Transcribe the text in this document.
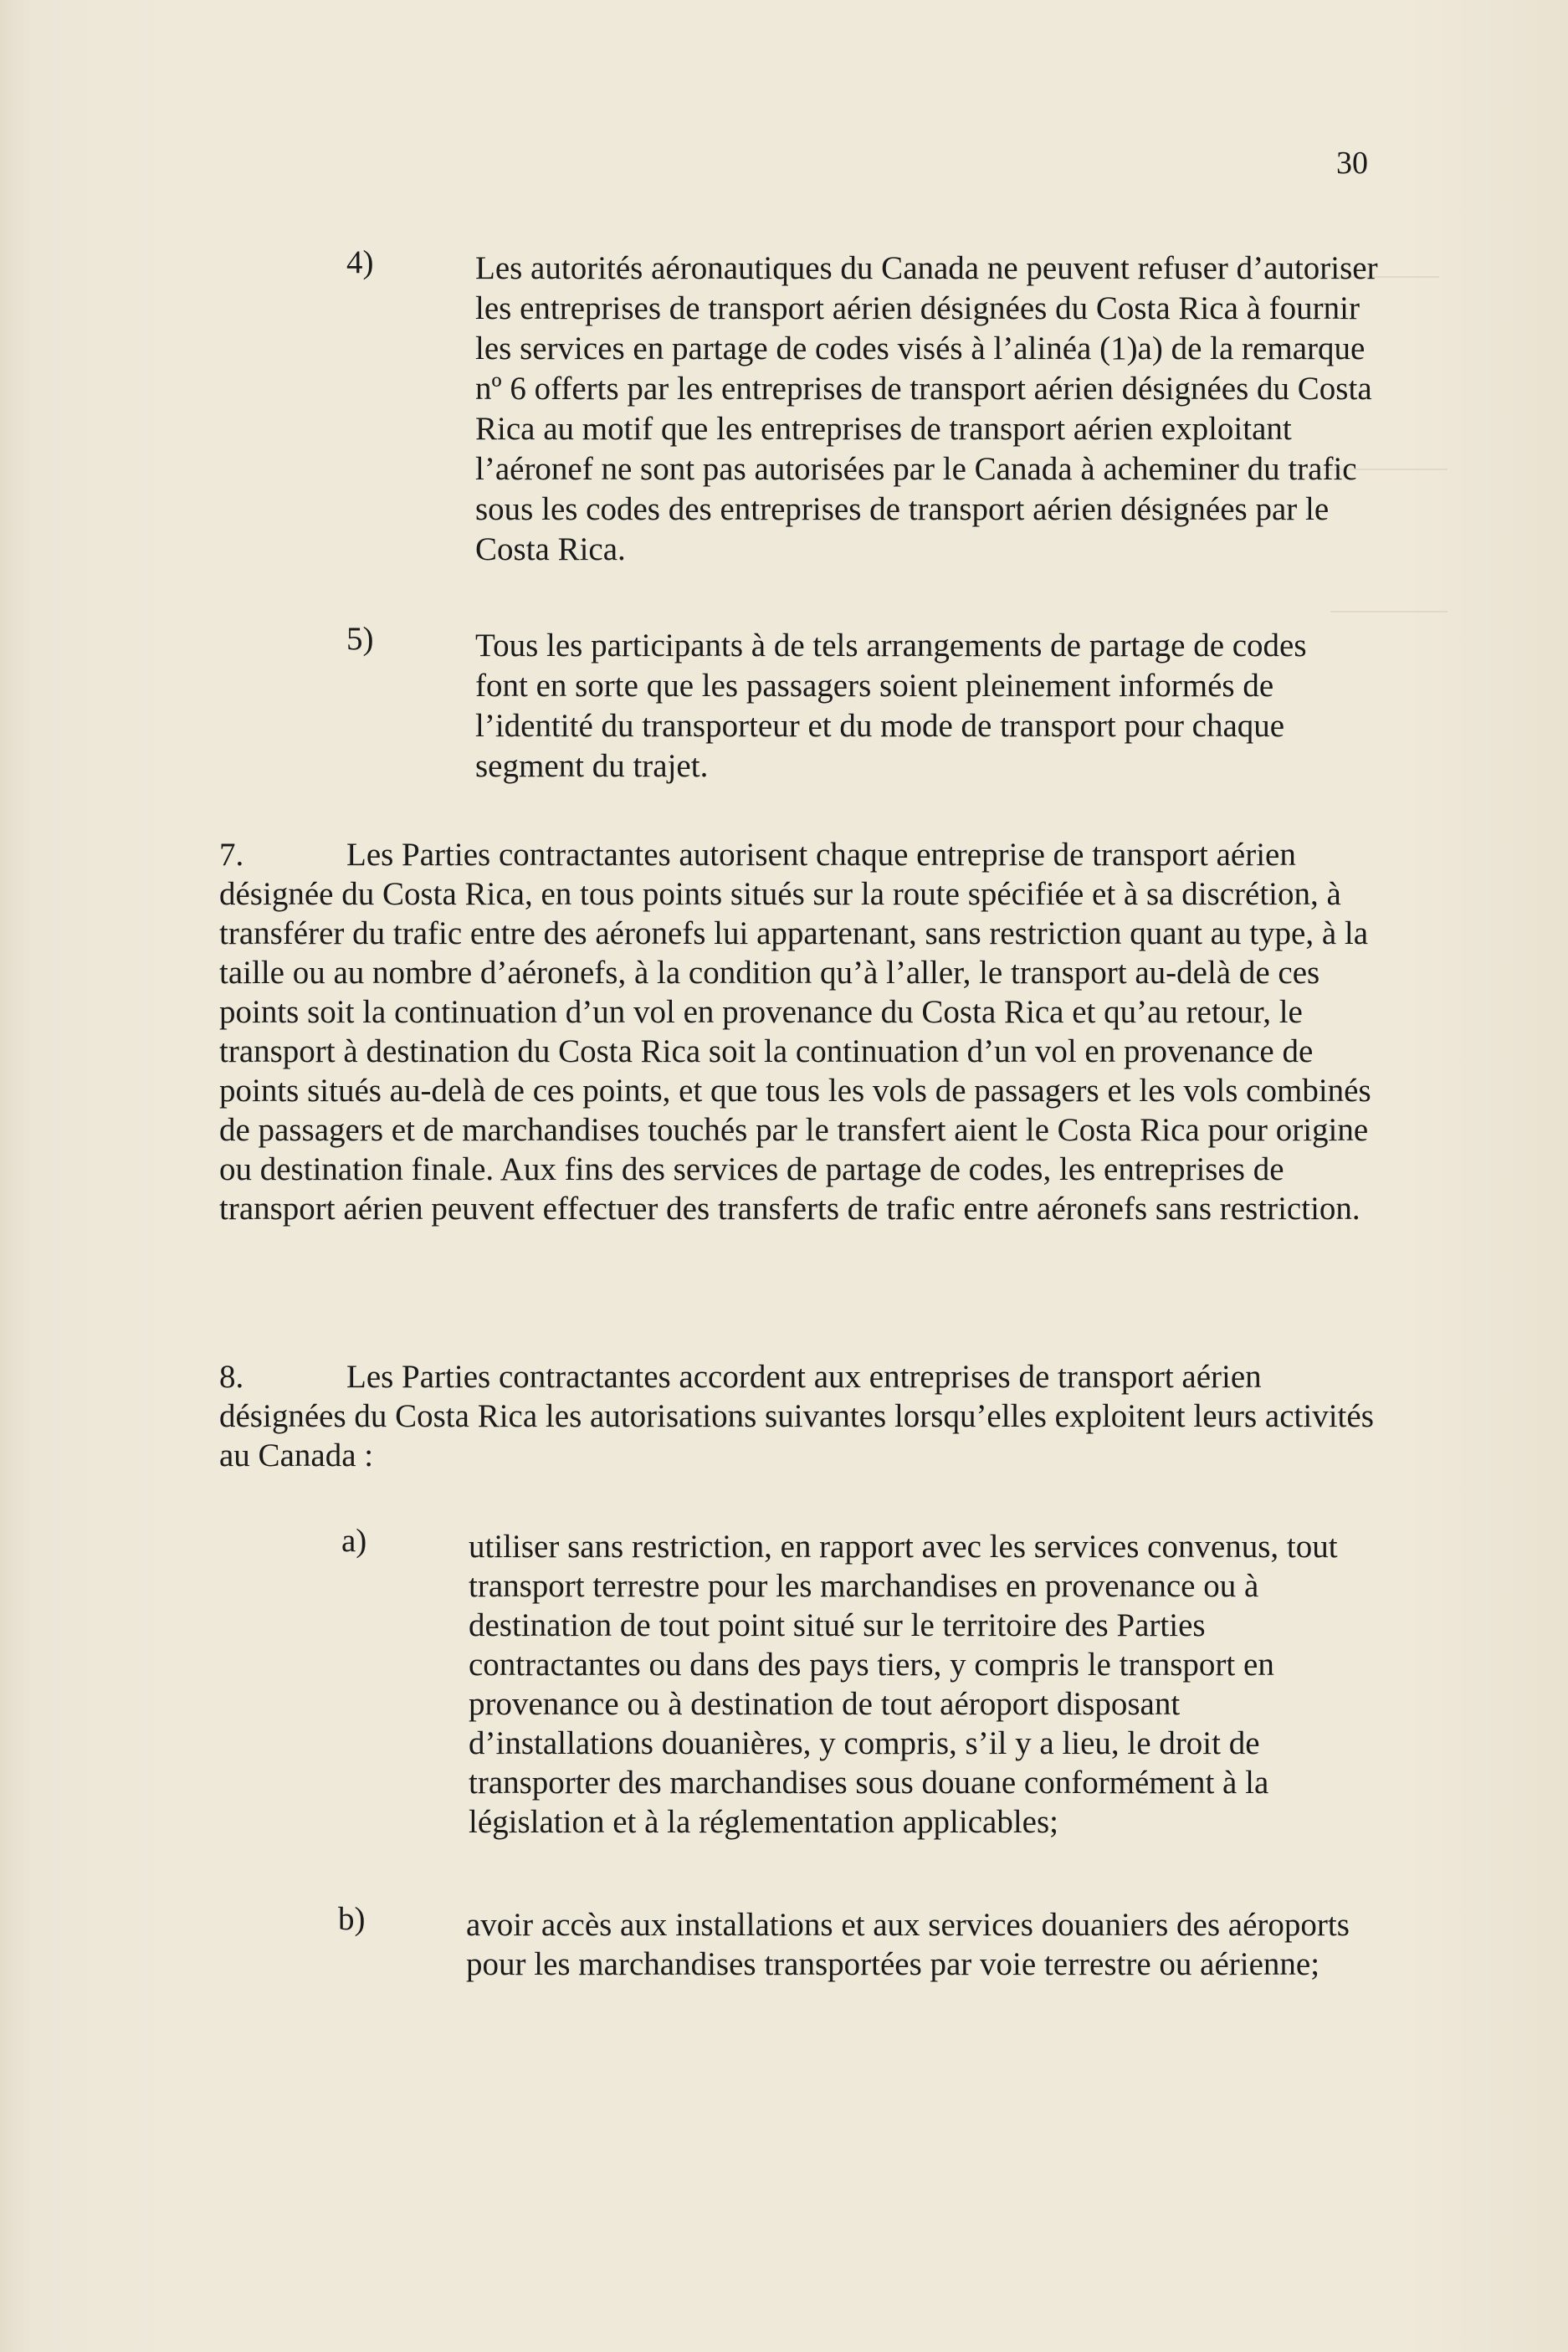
30
4)	Les autorités aéronautiques du Canada ne peuvent refuser d’autoriser les entreprises de transport aérien désignées du Costa Rica à fournir les services en partage de codes visés à l’alinéa (1)a) de la remarque nº 6 offerts par les entreprises de transport aérien désignées du Costa Rica au motif que les entreprises de transport aérien exploitant l’aéronef ne sont pas autorisées par le Canada à acheminer du trafic sous les codes des entreprises de transport aérien désignées par le Costa Rica.

5)	Tous les participants à de tels arrangements de partage de codes font en sorte que les passagers soient pleinement informés de l’identité du transporteur et du mode de transport pour chaque segment du trajet.

7.	Les Parties contractantes autorisent chaque entreprise de transport aérien désignée du Costa Rica, en tous points situés sur la route spécifiée et à sa discrétion, à transférer du trafic entre des aéronefs lui appartenant, sans restriction quant au type, à la taille ou au nombre d’aéronefs, à la condition qu’à l’aller, le transport au-delà de ces points soit la continuation d’un vol en provenance du Costa Rica et qu’au retour, le transport à destination du Costa Rica soit la continuation d’un vol en provenance de points situés au-delà de ces points, et que tous les vols de passagers et les vols combinés de passagers et de marchandises touchés par le transfert aient le Costa Rica pour origine ou destination finale. Aux fins des services de partage de codes, les entreprises de transport aérien peuvent effectuer des transferts de trafic entre aéronefs sans restriction.

8.	Les Parties contractantes accordent aux entreprises de transport aérien désignées du Costa Rica les autorisations suivantes lorsqu’elles exploitent leurs activités au Canada :

a)	utiliser sans restriction, en rapport avec les services convenus, tout transport terrestre pour les marchandises en provenance ou à destination de tout point situé sur le territoire des Parties contractantes ou dans des pays tiers, y compris le transport en provenance ou à destination de tout aéroport disposant d’installations douanières, y compris, s’il y a lieu, le droit de transporter des marchandises sous douane conformément à la législation et à la réglementation applicables;

b)	avoir accès aux installations et aux services douaniers des aéroports pour les marchandises transportées par voie terrestre ou aérienne;
